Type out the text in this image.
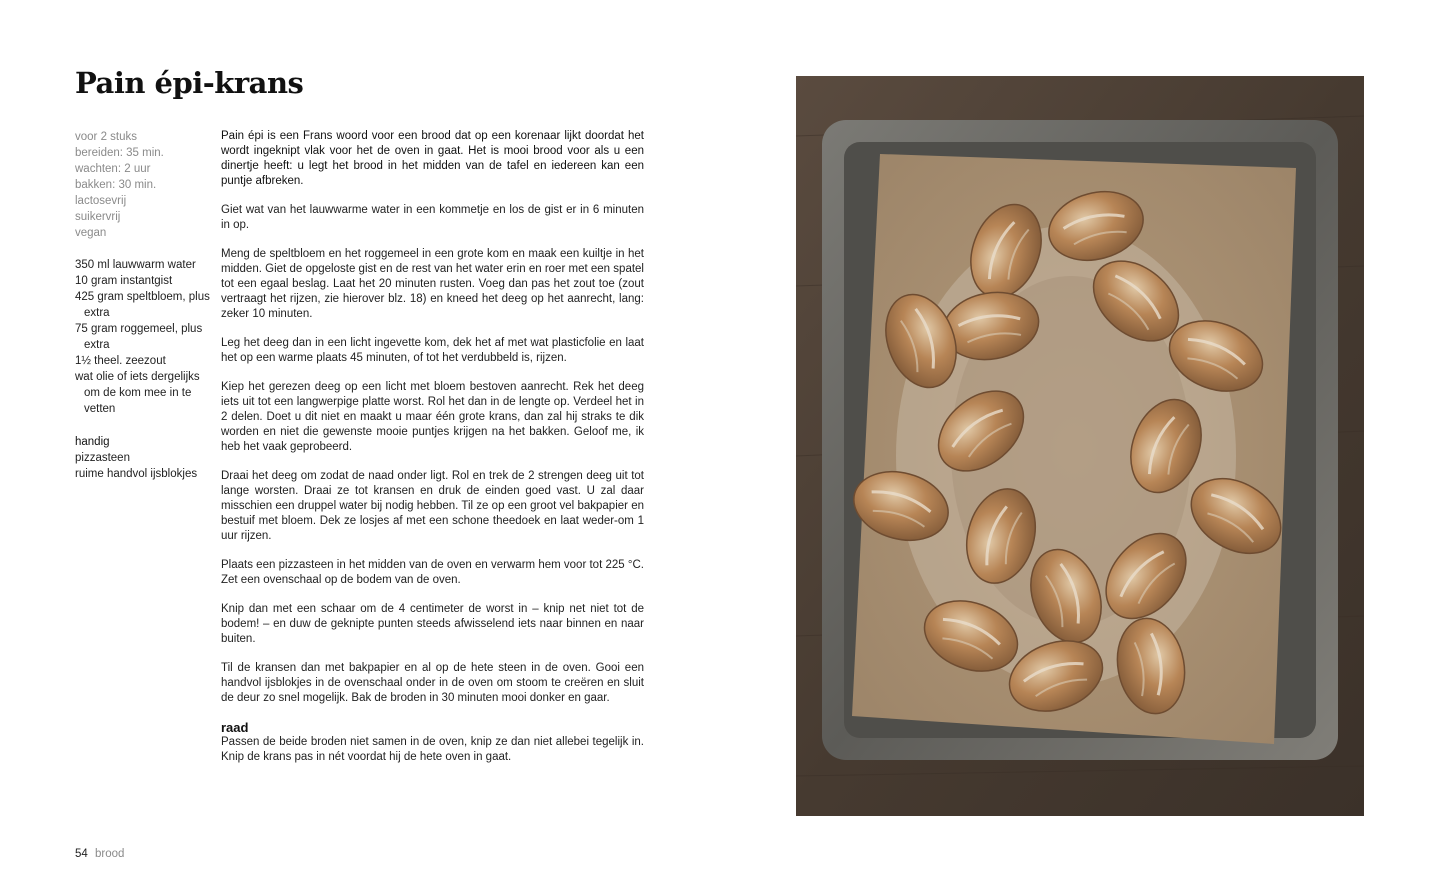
Pain épi-krans
voor 2 stuks
bereiden: 35 min.
wachten: 2 uur
bakken: 30 min.
lactosevrij
suikervrij
vegan
350 ml lauwwarm water
10 gram instantgist
425 gram speltbloem, plus extra
75 gram roggemeel, plus extra
1½ theel. zeezout
wat olie of iets dergelijks om de kom mee in te vetten
handig
pizzasteen
ruime handvol ijsblokjes

Pain épi is een Frans woord voor een brood dat op een korenaar lijkt doordat het wordt ingeknipt vlak voor het de oven in gaat. Het is mooi brood voor als u een dinertje heeft: u legt het brood in het midden van de tafel en iedereen kan een puntje afbreken.

Giet wat van het lauwwarme water in een kommetje en los de gist er in 6 minuten in op.

Meng de speltbloem en het roggemeel in een grote kom en maak een kuiltje in het midden. Giet de opgeloste gist en de rest van het water erin en roer met een spatel tot een egaal beslag. Laat het 20 minuten rusten. Voeg dan pas het zout toe (zout vertraagt het rijzen, zie hierover blz. 18) en kneed het deeg op het aanrecht, lang: zeker 10 minuten.

Leg het deeg dan in een licht ingevette kom, dek het af met wat plasticfolie en laat het op een warme plaats 45 minuten, of tot het verdubbeld is, rijzen.

Kiep het gerezen deeg op een licht met bloem bestoven aanrecht. Rek het deeg iets uit tot een langwerpige platte worst. Rol het dan in de lengte op. Verdeel het in 2 delen. Doet u dit niet en maakt u maar één grote krans, dan zal hij straks te dik worden en niet die gewenste mooie puntjes krijgen na het bakken. Geloof me, ik heb het vaak geprobeerd.

Draai het deeg om zodat de naad onder ligt. Rol en trek de 2 strengen deeg uit tot lange worsten. Draai ze tot kransen en druk de einden goed vast. U zal daar misschien een druppel water bij nodig hebben. Til ze op een groot vel bakpapier en bestuif met bloem. Dek ze losjes af met een schone theedoek en laat weder-om 1 uur rijzen.

Plaats een pizzasteen in het midden van de oven en verwarm hem voor tot 225 °C. Zet een ovenschaal op de bodem van de oven.

Knip dan met een schaar om de 4 centimeter de worst in – knip net niet tot de bodem! – en duw de geknipte punten steeds afwisselend iets naar binnen en naar buiten.

Til de kransen dan met bakpapier en al op de hete steen in de oven. Gooi een handvol ijsblokjes in de ovenschaal onder in de oven om stoom te creëren en sluit de deur zo snel mogelijk. Bak de broden in 30 minuten mooi donker en gaar.

raad

Passen de beide broden niet samen in de oven, knip ze dan niet allebei tegelijk in. Knip de krans pas in nét voordat hij de hete oven in gaat.

54 brood
